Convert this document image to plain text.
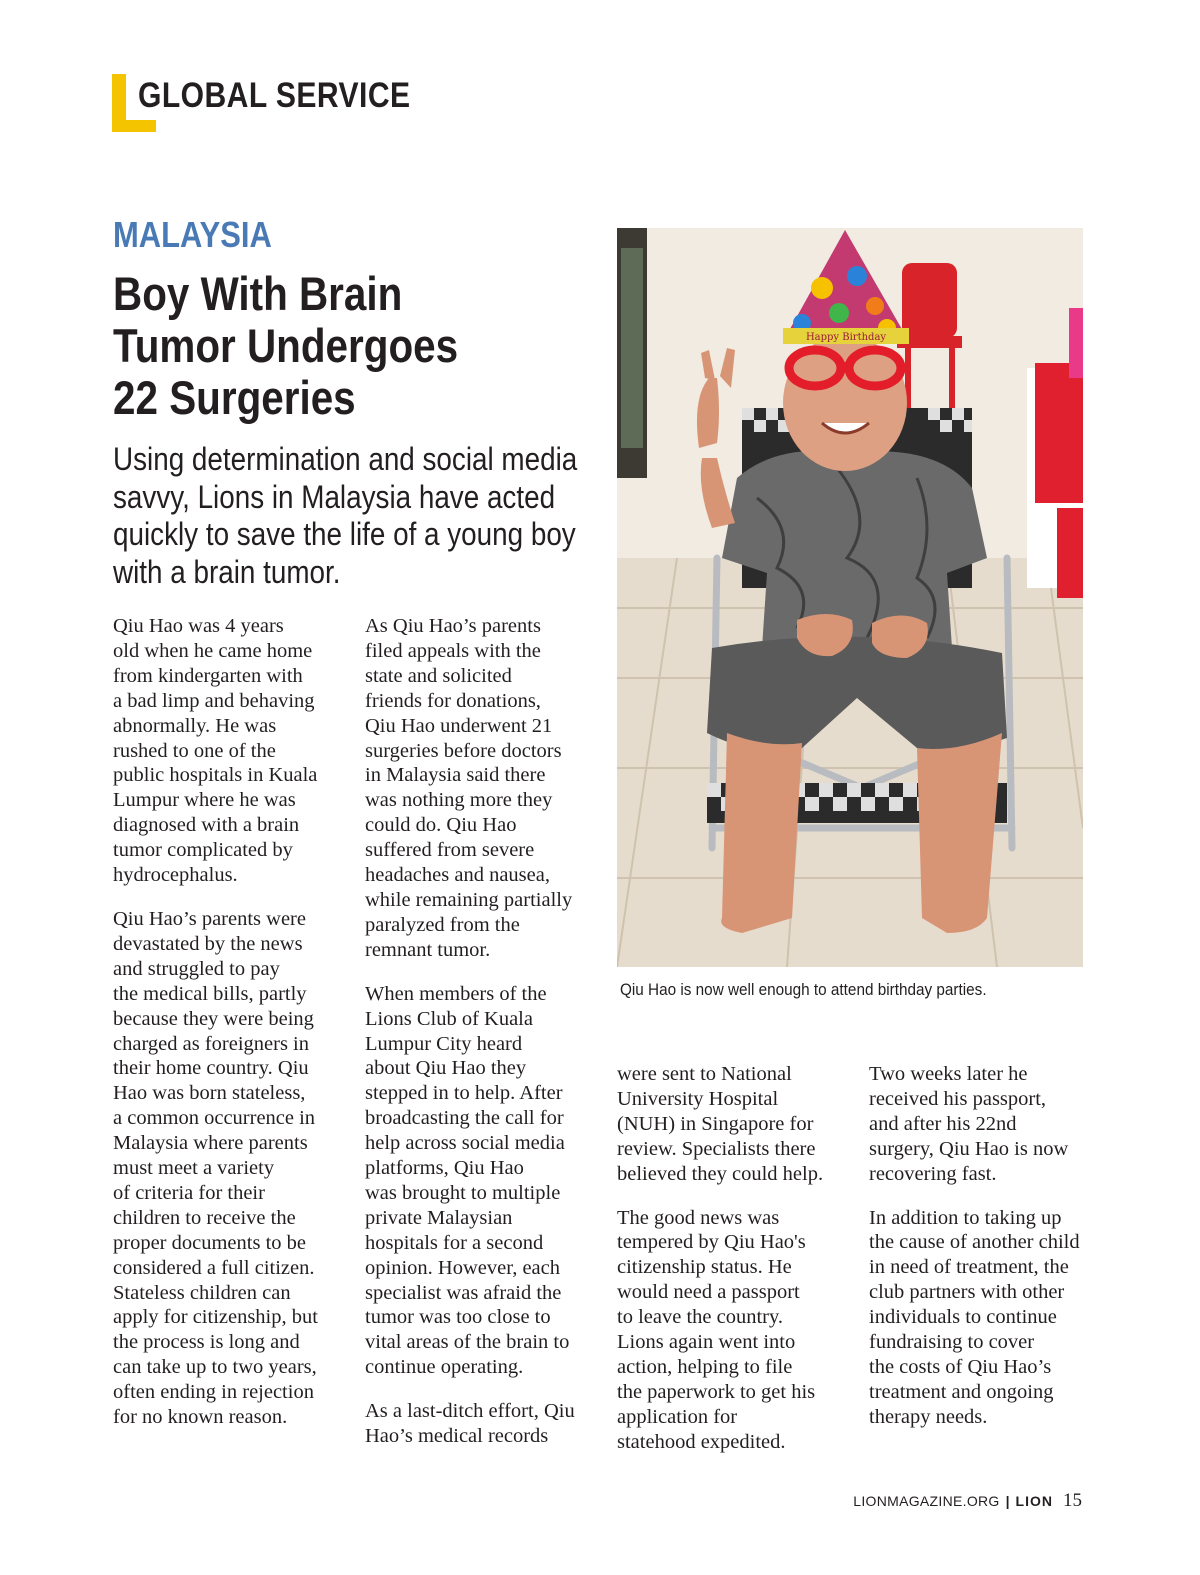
GLOBAL SERVICE
MALAYSIA
Boy With Brain
Tumor Undergoes
22 Surgeries
Using determination and social media
savvy, Lions in Malaysia have acted
quickly to save the life of a young boy
with a brain tumor.

Qiu Hao was 4 years
old when he came home
from kindergarten with
a bad limp and behaving
abnormally. He was
rushed to one of the
public hospitals in Kuala
Lumpur where he was
diagnosed with a brain
tumor complicated by
hydrocephalus.

Qiu Hao’s parents were
devastated by the news
and struggled to pay
the medical bills, partly
because they were being
charged as foreigners in
their home country. Qiu
Hao was born stateless,
a common occurrence in
Malaysia where parents
must meet a variety
of criteria for their
children to receive the
proper documents to be
considered a full citizen.
Stateless children can
apply for citizenship, but
the process is long and
can take up to two years,
often ending in rejection
for no known reason.

As Qiu Hao’s parents
filed appeals with the
state and solicited
friends for donations,
Qiu Hao underwent 21
surgeries before doctors
in Malaysia said there
was nothing more they
could do. Qiu Hao
suffered from severe
headaches and nausea,
while remaining partially
paralyzed from the
remnant tumor.

When members of the
Lions Club of Kuala
Lumpur City heard
about Qiu Hao they
stepped in to help. After
broadcasting the call for
help across social media
platforms, Qiu Hao
was brought to multiple
private Malaysian
hospitals for a second
opinion. However, each
specialist was afraid the
tumor was too close to
vital areas of the brain to
continue operating.

As a last-ditch effort, Qiu
Hao’s medical records

were sent to National
University Hospital
(NUH) in Singapore for
review. Specialists there
believed they could help.

The good news was
tempered by Qiu Hao's
citizenship status. He
would need a passport
to leave the country.
Lions again went into
action, helping to file
the paperwork to get his
application for
statehood expedited.

Two weeks later he
received his passport,
and after his 22nd
surgery, Qiu Hao is now
recovering fast.

In addition to taking up
the cause of another child
in need of treatment, the
club partners with other
individuals to continue
fundraising to cover
the costs of Qiu Hao’s
treatment and ongoing
therapy needs.

Happy Birthday
Qiu Hao is now well enough to attend birthday parties.
LIONMAGAZINE.ORG | LION 15
